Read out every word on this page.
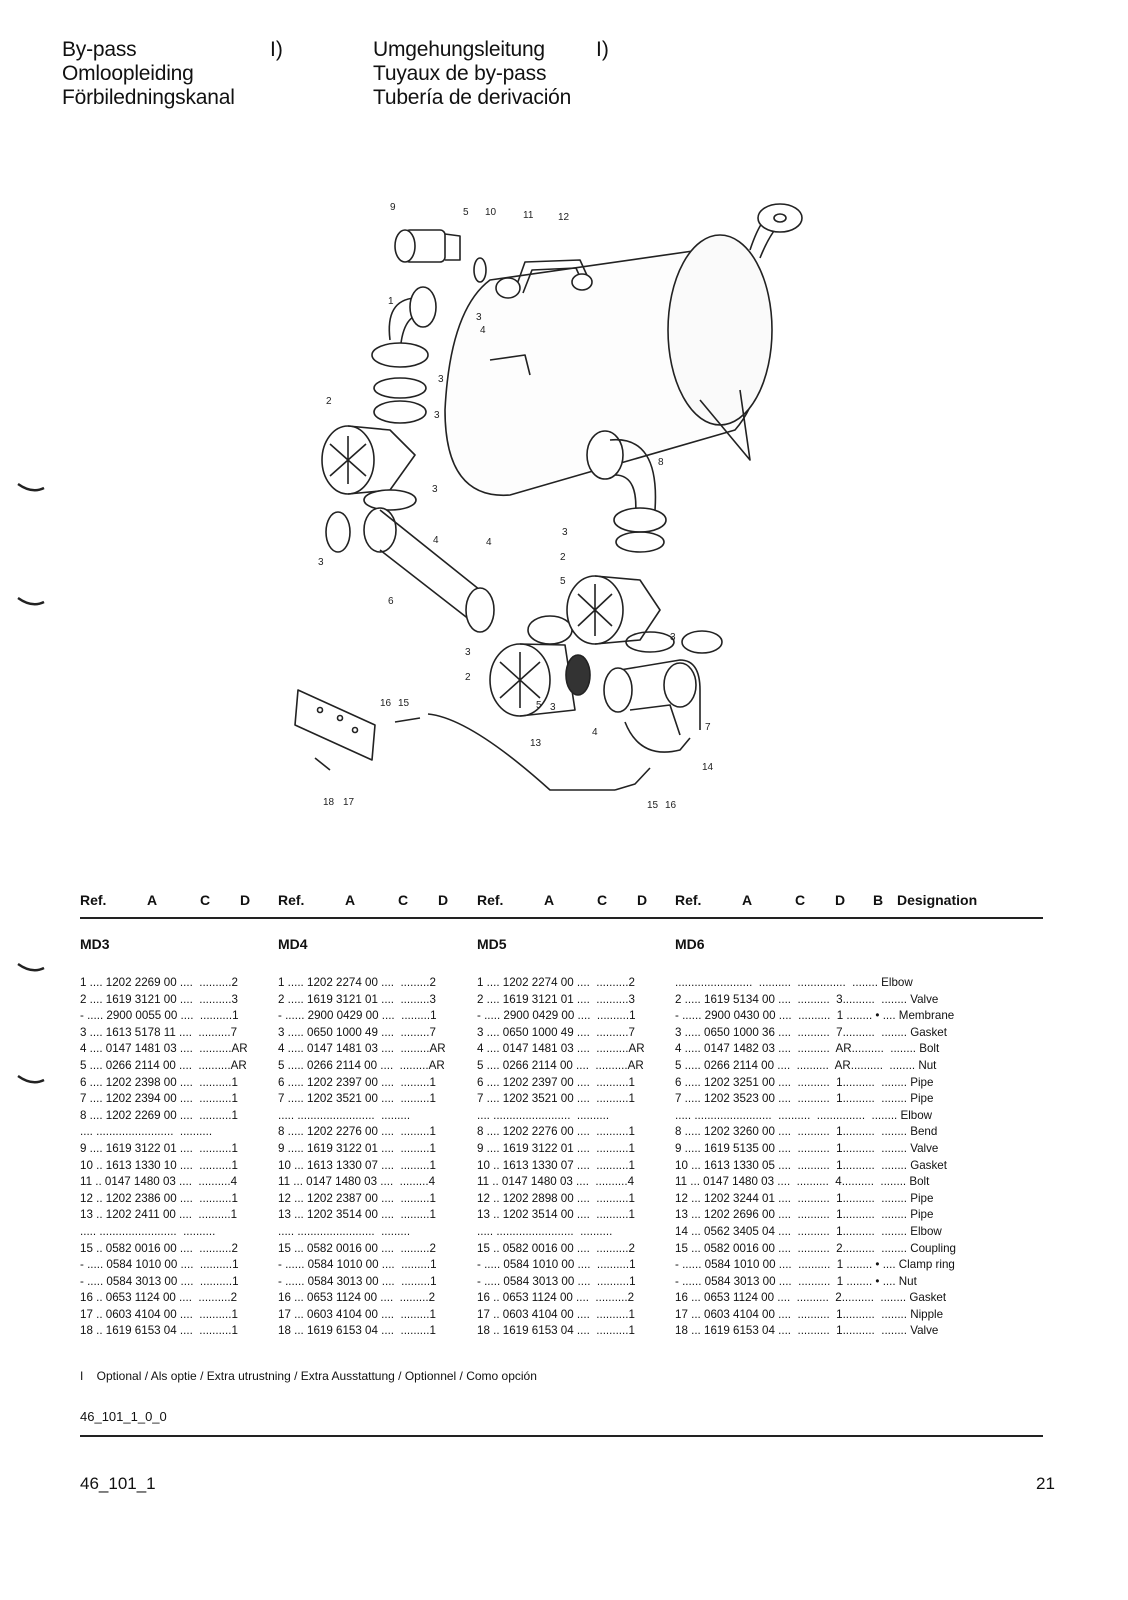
By-pass
Omloopleiding
Förbiledningskanal
I)	Umgehungsleitung
Tuyaux de by-pass
Tubería de derivación
I)
9	5 10	11 12
1
3
4
3
2
3
3
8
3
4
3
4
6
5
2
3
3
2
5 3
4	7
16 15
13
14
18 17	15 16
Ref.	A	C D Ref.	A	C D Ref.	A	C D Ref.	A	C D B Designation
MD3	MD4	MD5	MD6
1 .... 1202 2269 00 ....  ..........2
2 .... 1619 3121 00 ....  ..........3
- ..... 2900 0055 00 ....  ..........1
3 .... 1613 5178 11 ....  ..........7
4 .... 0147 1481 03 ....  ..........AR
5 .... 0266 2114 00 ....  ..........AR
6 .... 1202 2398 00 ....  ..........1
7 .... 1202 2394 00 ....  ..........1
8 .... 1202 2269 00 ....  ..........1
.... ........................  ..........
9 .... 1619 3122 01 ....  ..........1
10 .. 1613 1330 10 ....  ..........1
11 .. 0147 1480 03 ....  ..........4
12 .. 1202 2386 00 ....  ..........1
13 .. 1202 2411 00 ....  ..........1
..... ........................  ..........
15 .. 0582 0016 00 ....  ..........2
- ..... 0584 1010 00 ....  ..........1
- ..... 0584 3013 00 ....  ..........1
16 .. 0653 1124 00 ....  ..........2
17 .. 0603 4104 00 ....  ..........1
18 .. 1619 6153 04 ....  ..........1
1 ..... 1202 2274 00 ....  .........2
2 ..... 1619 3121 01 ....  .........3
- ...... 2900 0429 00 ....  .........1
3 ..... 0650 1000 49 ....  .........7
4 ..... 0147 1481 03 ....  .........AR
5 ..... 0266 2114 00 ....  .........AR
6 ..... 1202 2397 00 ....  .........1
7 ..... 1202 3521 00 ....  .........1
..... ........................  .........
8 ..... 1202 2276 00 ....  .........1
9 ..... 1619 3122 01 ....  .........1
10 ... 1613 1330 07 ....  .........1
11 ... 0147 1480 03 ....  .........4
12 ... 1202 2387 00 ....  .........1
13 ... 1202 3514 00 ....  .........1
..... ........................  .........
15 ... 0582 0016 00 ....  .........2
- ...... 0584 1010 00 ....  .........1
- ...... 0584 3013 00 ....  .........1
16 ... 0653 1124 00 ....  .........2
17 ... 0603 4104 00 ....  .........1
18 ... 1619 6153 04 ....  .........1
1 .... 1202 2274 00 ....  ..........2
2 .... 1619 3121 01 ....  ..........3
- ..... 2900 0429 00 ....  ..........1
3 .... 0650 1000 49 ....  ..........7
4 .... 0147 1481 03 ....  ..........AR
5 .... 0266 2114 00 ....  ..........AR
6 .... 1202 2397 00 ....  ..........1
7 .... 1202 3521 00 ....  ..........1
.... ........................  ..........
8 .... 1202 2276 00 ....  ..........1
9 .... 1619 3122 01 ....  ..........1
10 .. 1613 1330 07 ....  ..........1
11 .. 0147 1480 03 ....  ..........4
12 .. 1202 2898 00 ....  ..........1
13 .. 1202 3514 00 ....  ..........1
..... ........................  ..........
15 .. 0582 0016 00 ....  ..........2
- ..... 0584 1010 00 ....  ..........1
- ..... 0584 3013 00 ....  ..........1
16 .. 0653 1124 00 ....  ..........2
17 .. 0603 4104 00 ....  ..........1
18 .. 1619 6153 04 ....  ..........1
........................  ..........  ...............  ........ Elbow
2 ..... 1619 5134 00 ....  ..........  3..........  ........ Valve
- ...... 2900 0430 00 ....  ..........  1 ........ • .... Membrane
3 ..... 0650 1000 36 ....  ..........  7..........  ........ Gasket
4 ..... 0147 1482 03 ....  ..........  AR..........  ........ Bolt
5 ..... 0266 2114 00 ....  ..........  AR..........  ........ Nut
6 ..... 1202 3251 00 ....  ..........  1..........  ........ Pipe
7 ..... 1202 3523 00 ....  ..........  1..........  ........ Pipe
..... ........................  ..........  ...............  ........ Elbow
8 ..... 1202 3260 00 ....  ..........  1..........  ........ Bend
9 ..... 1619 5135 00 ....  ..........  1..........  ........ Valve
10 ... 1613 1330 05 ....  ..........  1..........  ........ Gasket
11 ... 0147 1480 03 ....  ..........  4..........  ........ Bolt
12 ... 1202 3244 01 ....  ..........  1..........  ........ Pipe
13 ... 1202 2696 00 ....  ..........  1..........  ........ Pipe
14 ... 0562 3405 04 ....  ..........  1..........  ........ Elbow
15 ... 0582 0016 00 ....  ..........  2..........  ........ Coupling
- ...... 0584 1010 00 ....  ..........  1 ........ • .... Clamp ring
- ...... 0584 3013 00 ....  ..........  1 ........ • .... Nut
16 ... 0653 1124 00 ....  ..........  2..........  ........ Gasket
17 ... 0603 4104 00 ....  ..........  1..........  ........ Nipple
18 ... 1619 6153 04 ....  ..........  1..........  ........ Valve
I    Optional / Als optie / Extra utrustning / Extra Ausstattung / Optionnel / Como opción
46_101_1_0_0
46_101_1	21
